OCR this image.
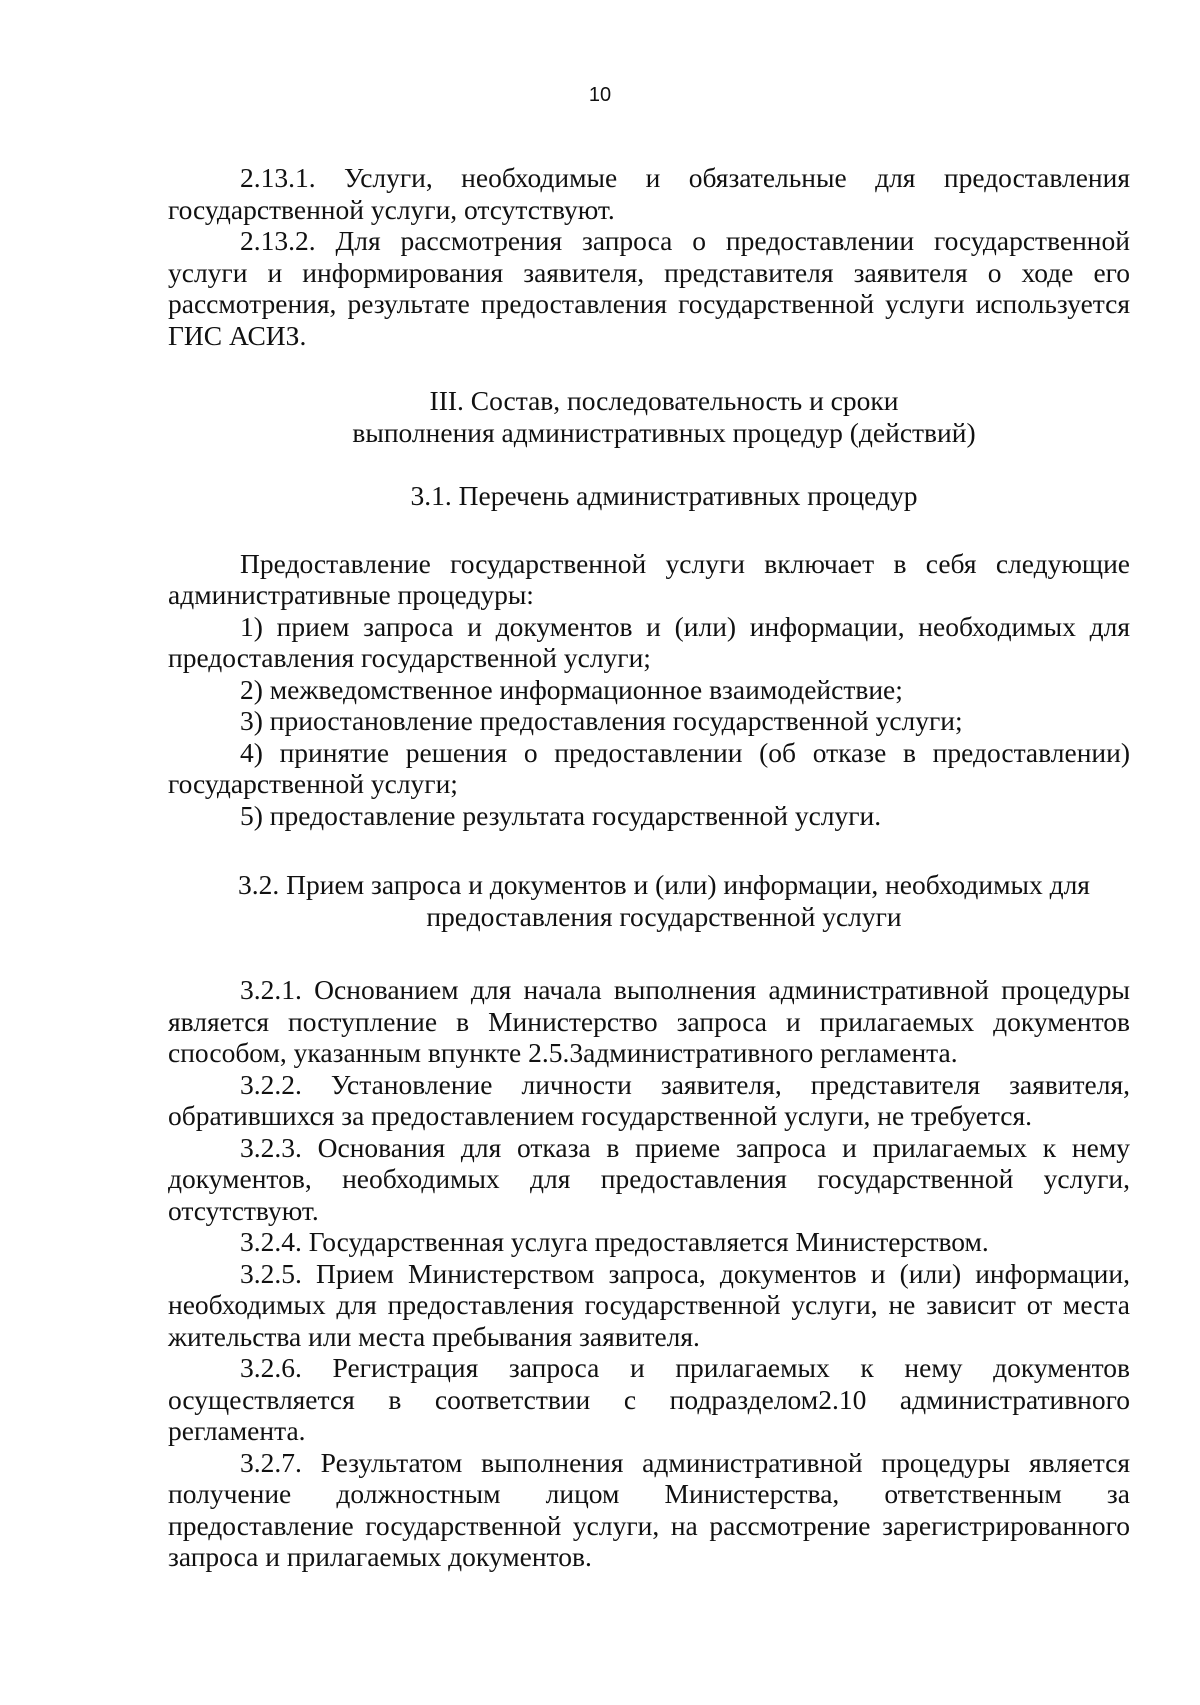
10

2.13.1. Услуги, необходимые и обязательные для предоставления государственной услуги, отсутствуют.

2.13.2. Для рассмотрения запроса о предоставлении государственной услуги и информирования заявителя, представителя заявителя о ходе его рассмотрения, результате предоставления государственной услуги используется ГИС АСИЗ.

III. Состав, последовательность и сроки
выполнения административных процедур (действий)
3.1. Перечень административных процедур

Предоставление государственной услуги включает в себя следующие административные процедуры:

1) прием запроса и документов и (или) информации, необходимых для предоставления государственной услуги;

2) межведомственное информационное взаимодействие;

3) приостановление предоставления государственной услуги;

4) принятие решения о предоставлении (об отказе в предоставлении) государственной услуги;

5) предоставление результата государственной услуги.

3.2. Прием запроса и документов и (или) информации, необходимых для
предоставления государственной услуги

3.2.1. Основанием для начала выполнения административной процедуры является поступление в Министерство запроса и прилагаемых документов способом, указанным впункте 2.5.3административного регламента.

3.2.2. Установление личности заявителя, представителя заявителя, обратившихся за предоставлением государственной услуги, не требуется.

3.2.3. Основания для отказа в приеме запроса и прилагаемых к нему документов, необходимых для предоставления государственной услуги, отсутствуют.

3.2.4. Государственная услуга предоставляется Министерством.

3.2.5. Прием Министерством запроса, документов и (или) информации, необходимых для предоставления государственной услуги, не зависит от места жительства или места пребывания заявителя.

3.2.6. Регистрация запроса и прилагаемых к нему документов осуществляется в соответствии с подразделом2.10 административного регламента.

3.2.7. Результатом выполнения административной процедуры является получение должностным лицом Министерства, ответственным за предоставление государственной услуги, на рассмотрение зарегистрированного запроса и прилагаемых документов.
